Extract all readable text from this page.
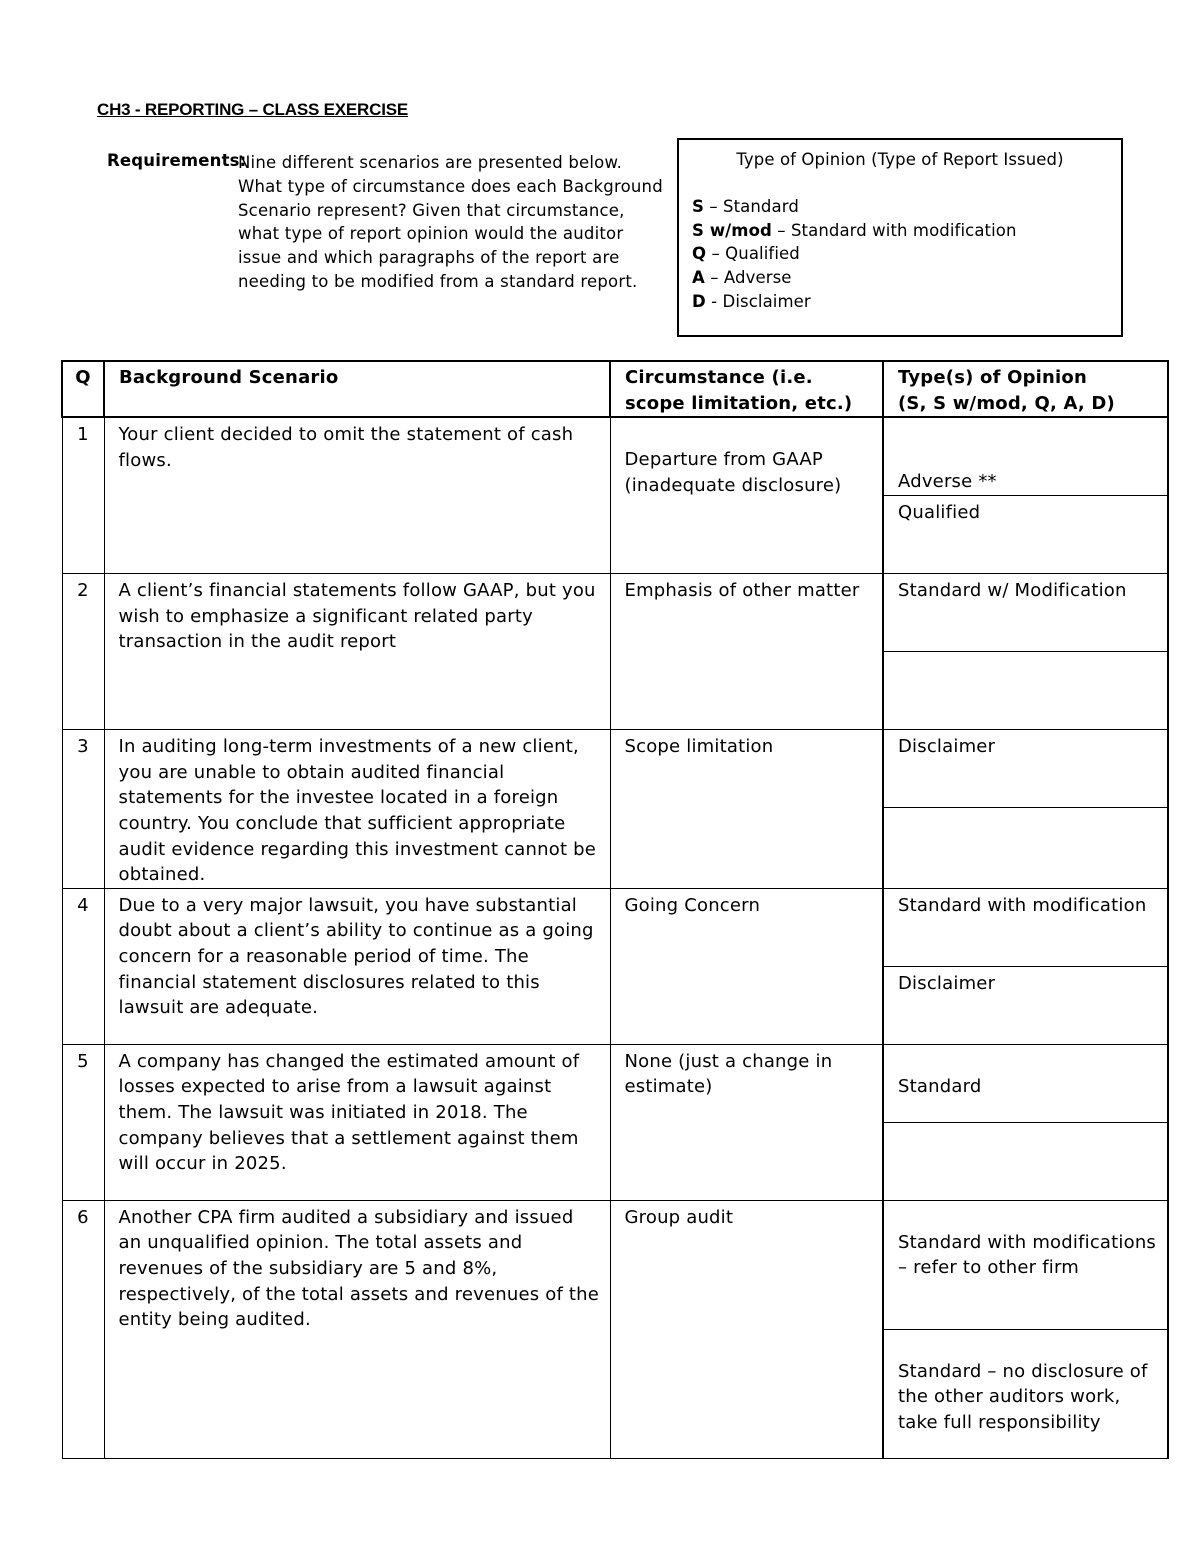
CH3 - REPORTING – CLASS EXERCISE
Requirements:
Nine different scenarios are presented below. What type of circumstance does each Background Scenario represent? Given that circumstance, what type of report opinion would the auditor issue and which paragraphs of the report are needing to be modified from a standard report.
Type of Opinion (Type of Report Issued)
S – Standard
S w/mod – Standard with modification
Q – Qualified
A – Adverse
D - Disclaimer
Q	Background Scenario	Circumstance (i.e. scope limitation, etc.)	Type(s) of Opinion
(S, S w/mod, Q, A, D)

1	Your client decided to omit the statement of cash flows.	Departure from GAAP (inadequate disclosure)	Adverse **
Qualified

2	A client’s financial statements follow GAAP, but you wish to emphasize a significant related party transaction in the audit report	Emphasis of other matter	Standard w/ Modification

3	In auditing long-term investments of a new client, you are unable to obtain audited financial statements for the investee located in a foreign country. You conclude that sufficient appropriate audit evidence regarding this investment cannot be obtained.	Scope limitation	Disclaimer

4	Due to a very major lawsuit, you have substantial doubt about a client’s ability to continue as a going concern for a reasonable period of time. The financial statement disclosures related to this lawsuit are adequate.	Going Concern	Standard with modification
Disclaimer

5	A company has changed the estimated amount of losses expected to arise from a lawsuit against them. The lawsuit was initiated in 2018. The company believes that a settlement against them will occur in 2025.	None (just a change in estimate)	Standard

6	Another CPA firm audited a subsidiary and issued an unqualified opinion. The total assets and revenues of the subsidiary are 5 and 8%, respectively, of the total assets and revenues of the entity being audited.	Group audit	Standard with modifications – refer to other firm
Standard – no disclosure of the other auditors work, take full responsibility
